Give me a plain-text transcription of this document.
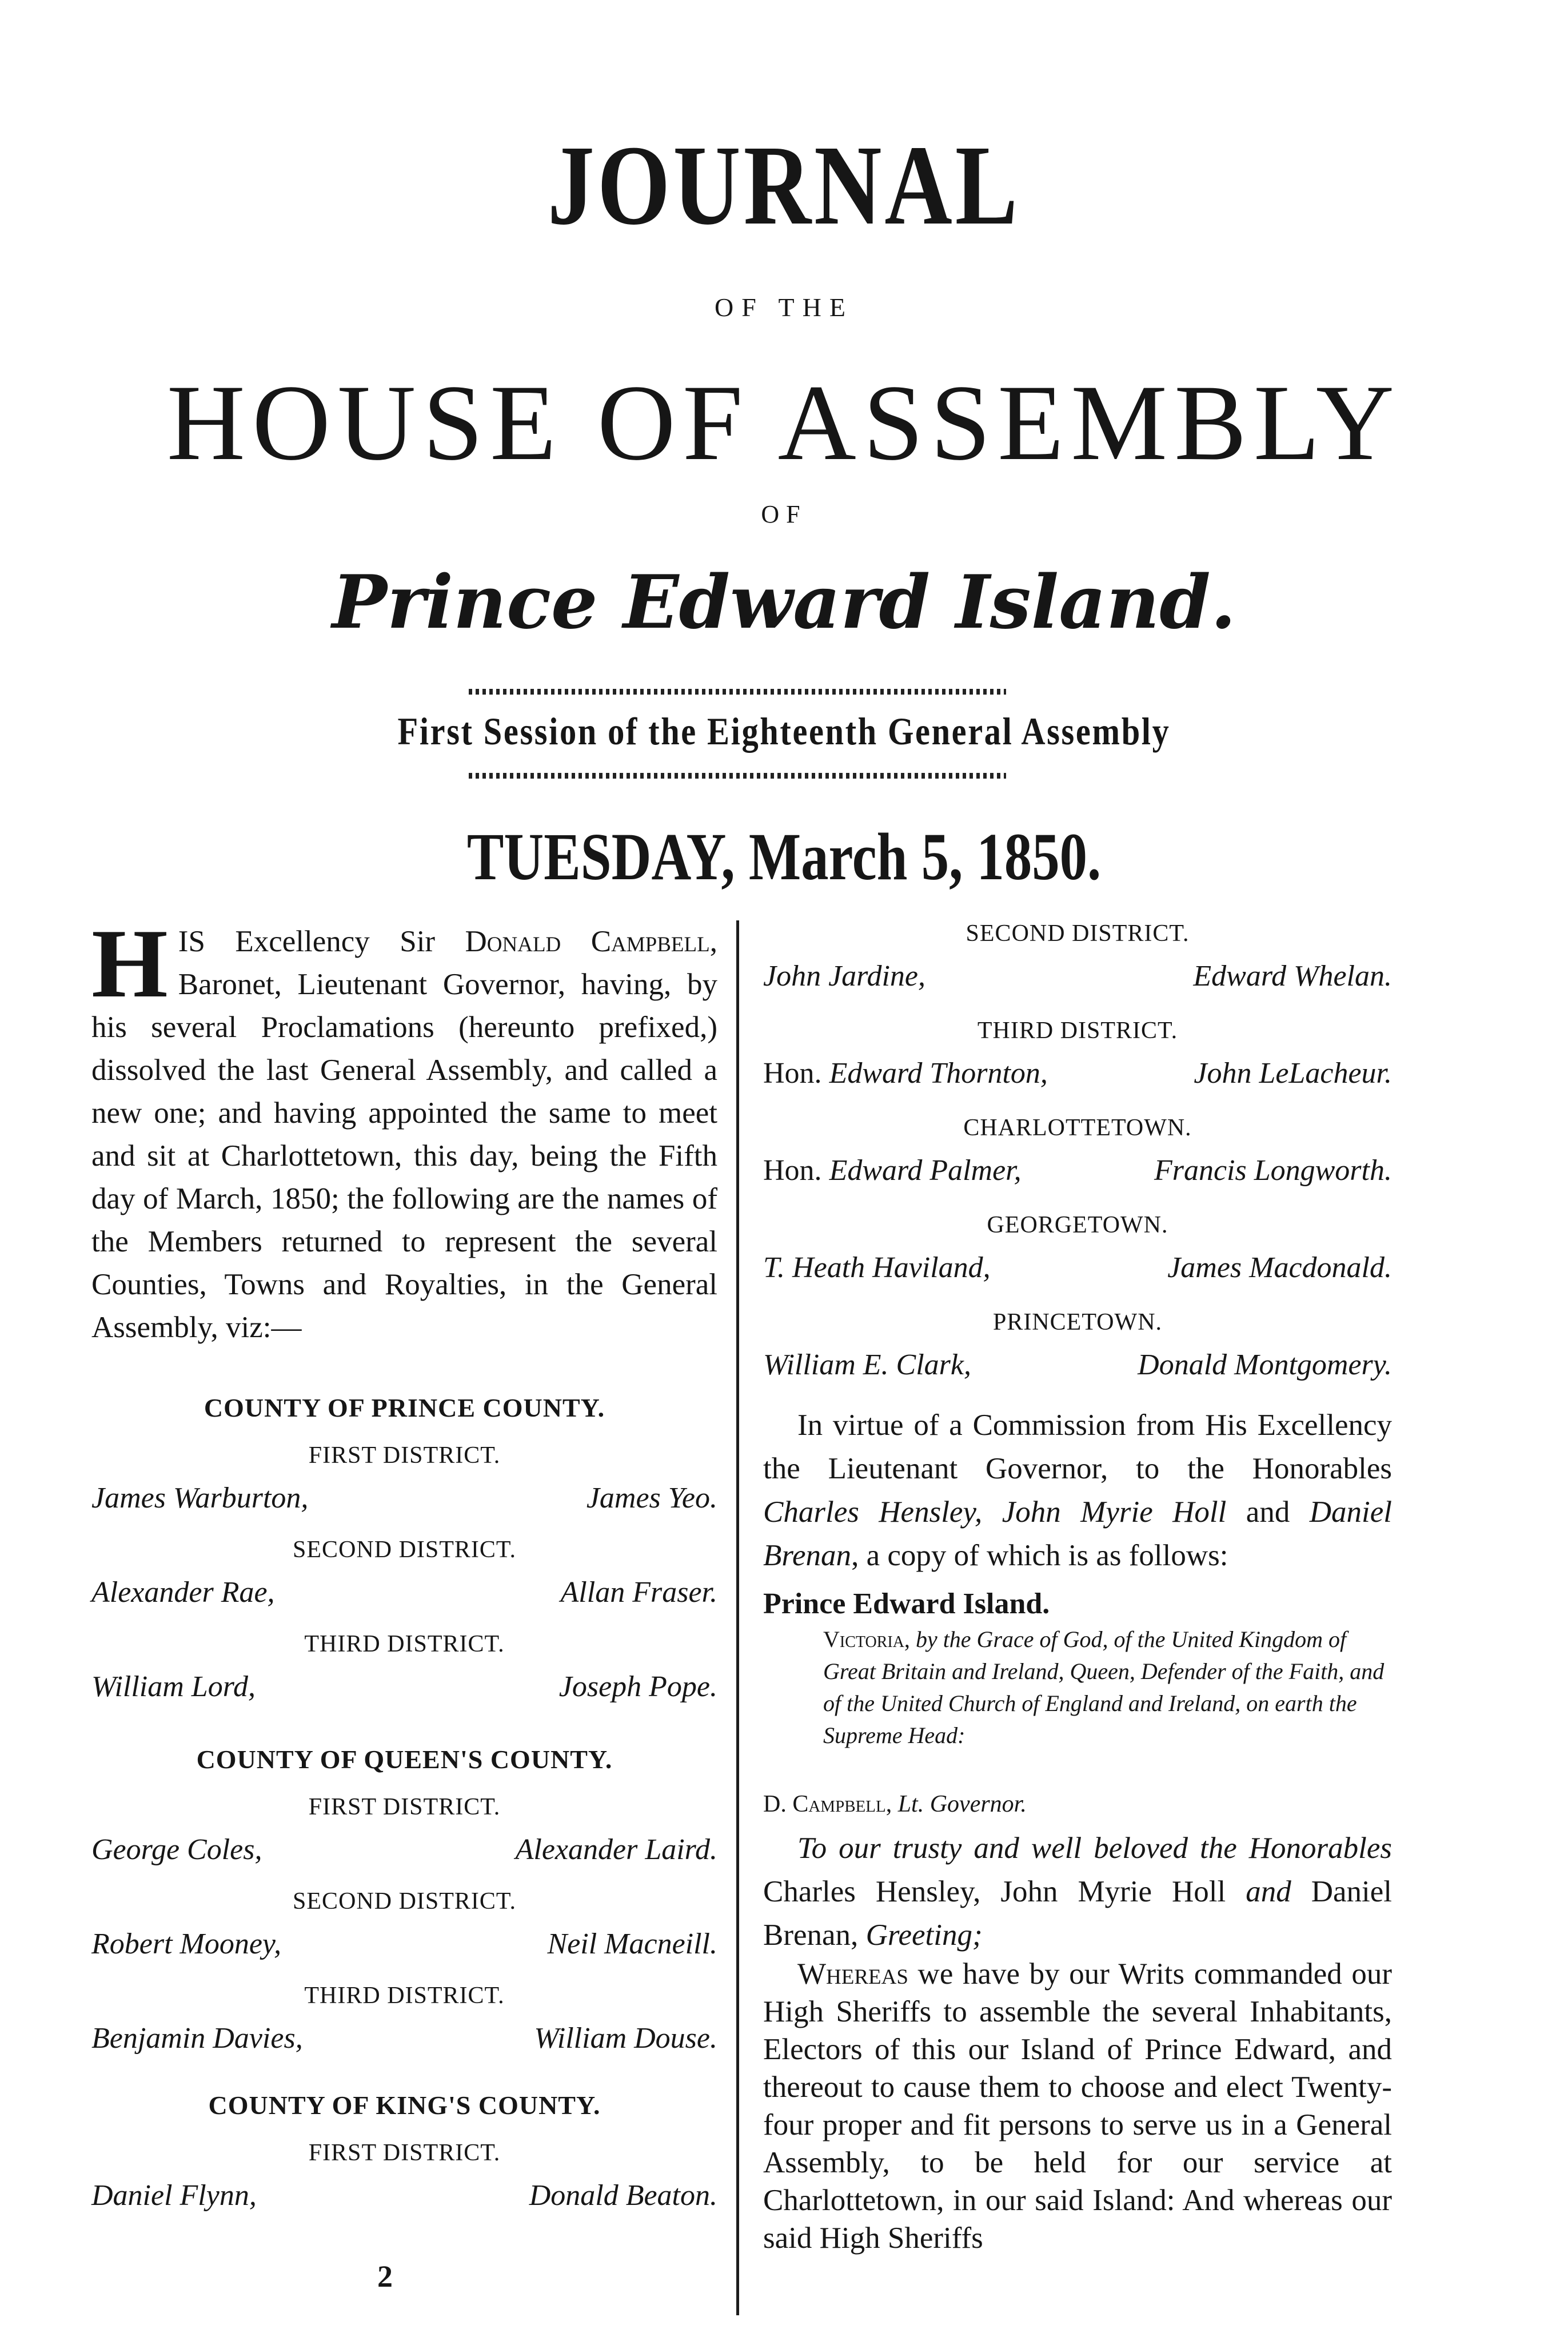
JOURNAL
OF THE
HOUSE OF ASSEMBLY
OF
Prince Edward Island.
First Session of the Eighteenth General Assembly
TUESDAY, March 5, 1850.

HIS Excellency Sir Donald Campbell, Baronet, Lieutenant Governor, having, by his several Proclamations (hereunto prefixed,) dissolved the last General Assembly, and called a new one; and having appointed the same to meet and sit at Charlottetown, this day, being the Fifth day of March, 1850; the following are the names of the Members returned to represent the several Counties, Towns and Royalties, in the General Assembly, viz:—

COUNTY OF PRINCE COUNTY.
FIRST DISTRICT.
James Warburton,	James Yeo.
SECOND DISTRICT.
Alexander Rae,	Allan Fraser.
THIRD DISTRICT.
William Lord,	Joseph Pope.
COUNTY OF QUEEN'S COUNTY.
FIRST DISTRICT.
George Coles,	Alexander Laird.
SECOND DISTRICT.
Robert Mooney,	Neil Macneill.
THIRD DISTRICT.
Benjamin Davies,	William Douse.
COUNTY OF KING'S COUNTY.
FIRST DISTRICT.
Daniel Flynn,	Donald Beaton.
2
SECOND DISTRICT.
John Jardine,	Edward Whelan.
THIRD DISTRICT.
Hon. Edward Thornton,	John LeLacheur.
CHARLOTTETOWN.
Hon. Edward Palmer,	Francis Longworth.
GEORGETOWN.
T. Heath Haviland,	James Macdonald.
PRINCETOWN.
William E. Clark,	Donald Montgomery.

In virtue of a Commission from His Excellency the Lieutenant Governor, to the Honorables Charles Hensley, John Myrie Holl and Daniel Brenan, a copy of which is as follows:

Prince Edward Island.

Victoria, by the Grace of God, of the United Kingdom of Great Britain and Ireland, Queen, Defender of the Faith, and of the United Church of England and Ireland, on earth the Supreme Head:

D. Campbell, Lt. Governor.

To our trusty and well beloved the Honorables Charles Hensley, John Myrie Holl and Daniel Brenan, Greeting;

Whereas we have by our Writs commanded our High Sheriffs to assemble the several Inhabitants, Electors of this our Island of Prince Edward, and thereout to cause them to choose and elect Twenty-four proper and fit persons to serve us in a General Assembly, to be held for our service at Charlottetown, in our said Island: And whereas our said High Sheriffs
